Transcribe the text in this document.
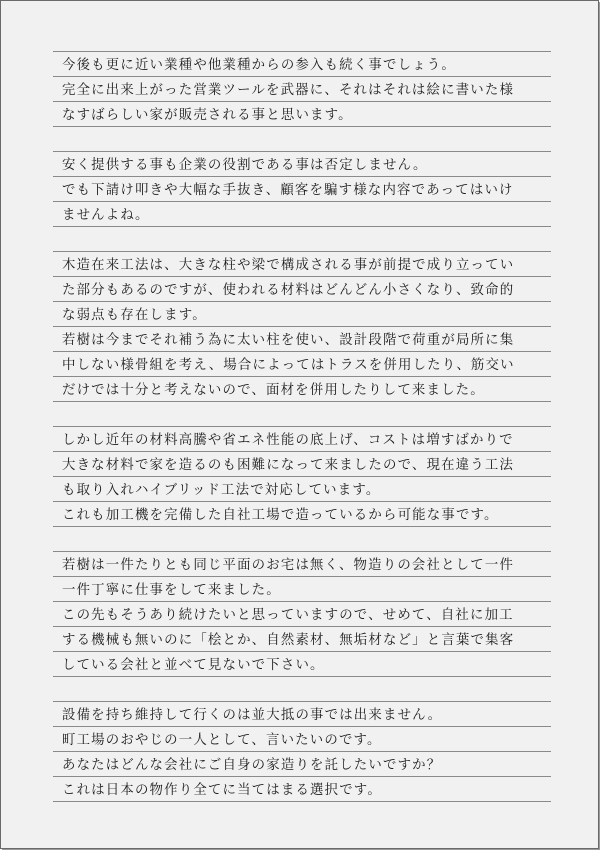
今後も更に近い業種や他業種からの参入も続く事でしょう。
完全に出来上がった営業ツールを武器に、それはそれは絵に書いた様
なすばらしい家が販売される事と思います。
安く提供する事も企業の役割である事は否定しません。
でも下請け叩きや大幅な手抜き、顧客を騙す様な内容であってはいけ
ませんよね。
木造在来工法は、大きな柱や梁で構成される事が前提で成り立ってい
た部分もあるのですが、使われる材料はどんどん小さくなり、致命的
な弱点も存在します。
若樹は今までそれ補う為に太い柱を使い、設計段階で荷重が局所に集
中しない様骨組を考え、場合によってはトラスを併用したり、筋交い
だけでは十分と考えないので、面材を併用したりして来ました。
しかし近年の材料高騰や省エネ性能の底上げ、コストは増すばかりで
大きな材料で家を造るのも困難になって来ましたので、現在違う工法
も取り入れハイブリッド工法で対応しています。
これも加工機を完備した自社工場で造っているから可能な事です。
若樹は一件たりとも同じ平面のお宅は無く、物造りの会社として一件
一件丁寧に仕事をして来ました。
この先もそうあり続けたいと思っていますので、せめて、自社に加工
する機械も無いのに「桧とか、自然素材、無垢材など」と言葉で集客
している会社と並べて見ないで下さい。
設備を持ち維持して行くのは並大抵の事では出来ません。
町工場のおやじの一人として、言いたいのです。
あなたはどんな会社にご自身の家造りを託したいですか？
これは日本の物作り全てに当てはまる選択です。
